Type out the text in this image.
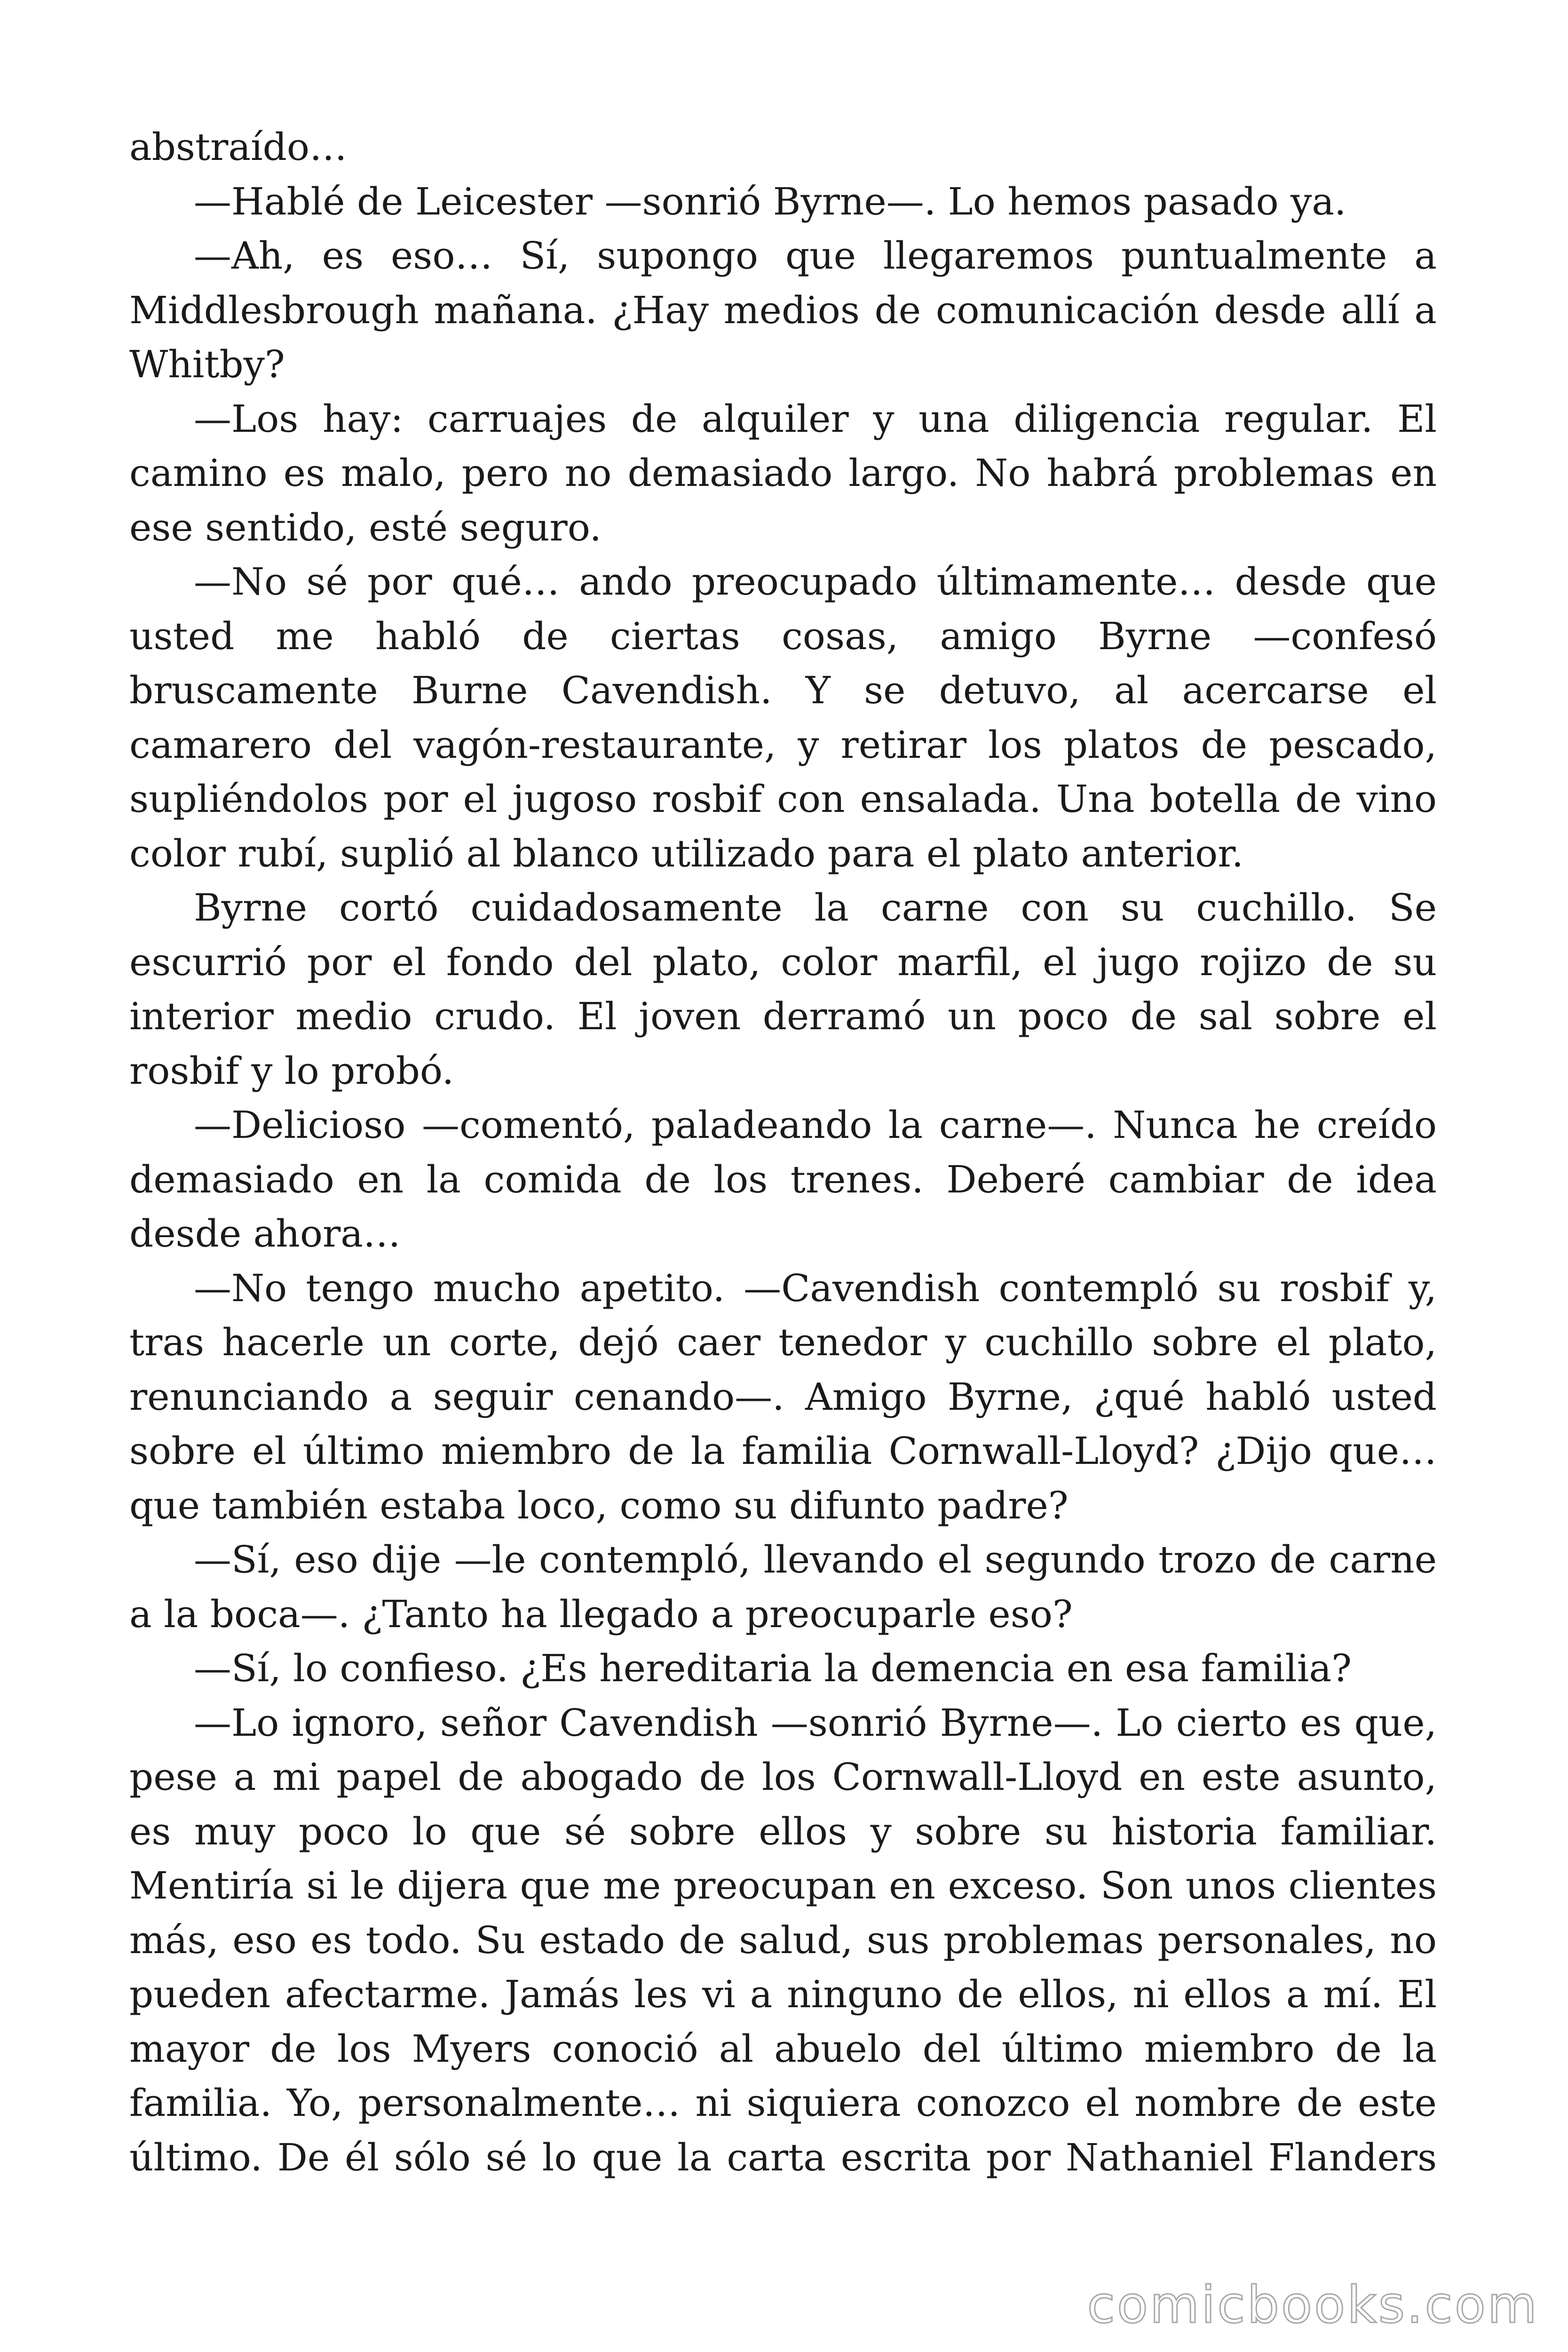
abstraído…

—Hablé de Leicester —sonrió Byrne—. Lo hemos pasado ya.

—Ah, es eso… Sí, supongo que llegaremos puntualmente a Middlesbrough mañana. ¿Hay medios de comunicación desde allí a Whitby?

—Los hay: carruajes de alquiler y una diligencia regular. El camino es malo, pero no demasiado largo. No habrá problemas en ese sentido, esté seguro.

—No sé por qué… ando preocupado últimamente… desde que usted me habló de ciertas cosas, amigo Byrne —confesó bruscamente Burne Cavendish. Y se detuvo, al acercarse el camarero del vagón-restaurante, y retirar los platos de pescado, supliéndolos por el jugoso rosbif con ensalada. Una botella de vino color rubí, suplió al blanco utilizado para el plato anterior.

Byrne cortó cuidadosamente la carne con su cuchillo. Se escurrió por el fondo del plato, color marfil, el jugo rojizo de su interior medio crudo. El joven derramó un poco de sal sobre el rosbif y lo probó.

—Delicioso —comentó, paladeando la carne—. Nunca he creído demasiado en la comida de los trenes. Deberé cambiar de idea desde ahora…

—No tengo mucho apetito. —Cavendish contempló su rosbif y, tras hacerle un corte, dejó caer tenedor y cuchillo sobre el plato, renunciando a seguir cenando—. Amigo Byrne, ¿qué habló usted sobre el último miembro de la familia Cornwall-Lloyd? ¿Dijo que… que también estaba loco, como su difunto padre?

—Sí, eso dije —le contempló, llevando el segundo trozo de carne a la boca—. ¿Tanto ha llegado a preocuparle eso?

—Sí, lo confieso. ¿Es hereditaria la demencia en esa familia?

—Lo ignoro, señor Cavendish —sonrió Byrne—. Lo cierto es que, pese a mi papel de abogado de los Cornwall-Lloyd en este asunto, es muy poco lo que sé sobre ellos y sobre su historia familiar. Mentiría si le dijera que me preocupan en exceso. Son unos clientes más, eso es todo. Su estado de salud, sus problemas personales, no pueden afectarme. Jamás les vi a ninguno de ellos, ni ellos a mí. El mayor de los Myers conoció al abuelo del último miembro de la familia. Yo, personalmente… ni siquiera conozco el nombre de este último. De él sólo sé lo que la carta escrita por Nathaniel Flanders

comicbooks.com
